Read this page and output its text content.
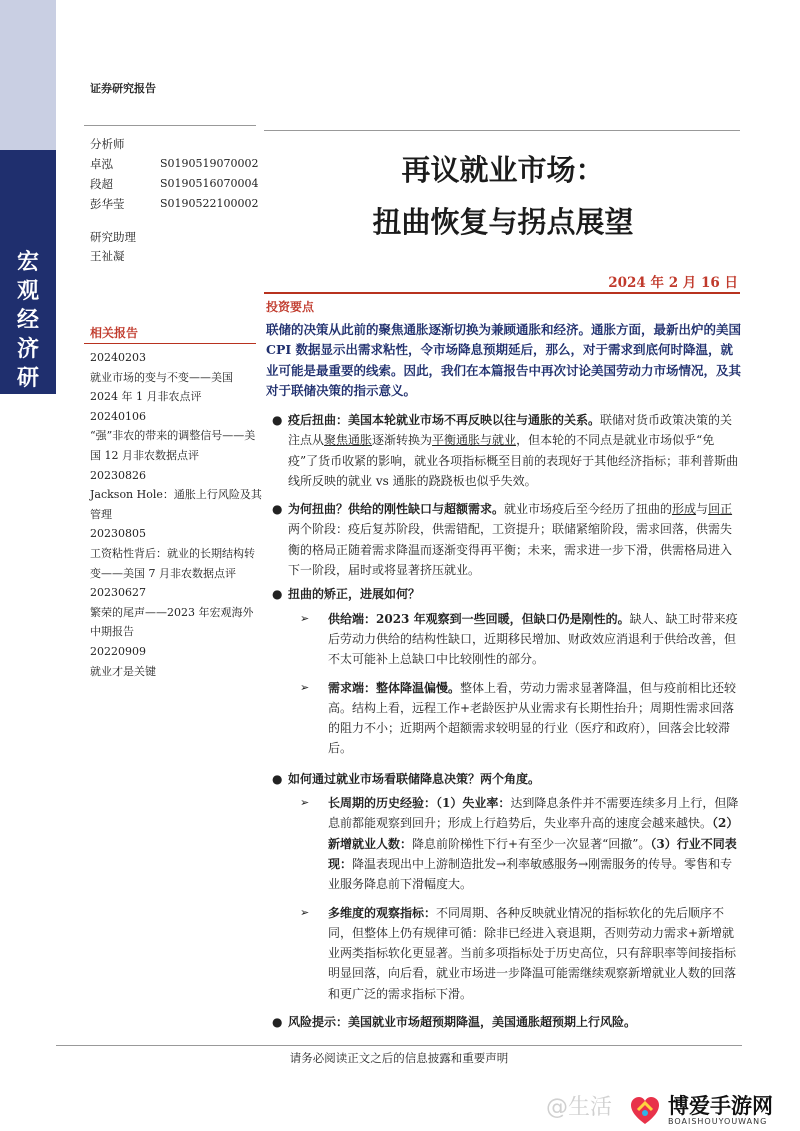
宏
观
经
济
研
究
证券研究报告
分析师
卓泓	S0190519070002
段超	S0190516070004
彭华莹	S0190522100002
研究助理
王祉凝
再议就业市场：
扭曲恢复与拐点展望
2024 年 2 月 16 日
相关报告
20240203
就业市场的变与不变——美国 2024 年 1 月非农点评
20240106
“强”非农的带来的调整信号——美国 12 月非农数据点评
20230826
Jackson Hole：通胀上行风险及其管理
20230805
工资粘性背后：就业的长期结构转变——美国 7 月非农数据点评
20230627
繁荣的尾声——2023 年宏观海外中期报告
20220909
就业才是关键
投资要点
联储的决策从此前的聚焦通胀逐渐切换为兼顾通胀和经济。通胀方面，最新出炉的美国 CPI 数据显示出需求粘性，令市场降息预期延后，那么，对于需求到底何时降温，就业可能是最重要的线索。因此，我们在本篇报告中再次讨论美国劳动力市场情况，及其对于联储决策的指示意义。
● 疫后扭曲：美国本轮就业市场不再反映以往与通胀的关系。联储对货币政策决策的关注点从聚焦通胀逐渐转换为平衡通胀与就业，但本轮的不同点是就业市场似乎“免疫”了货币收紧的影响，就业各项指标概至目前的表现好于其他经济指标；菲利普斯曲线所反映的就业 vs 通胀的跷跷板也似乎失效。
● 为何扭曲？供给的刚性缺口与超额需求。就业市场疫后至今经历了扭曲的形成与回正两个阶段：疫后复苏阶段，供需错配，工资提升；联储紧缩阶段，需求回落，供需失衡的格局正随着需求降温而逐渐变得再平衡；未来，需求进一步下滑，供需格局进入下一阶段，届时或将显著挤压就业。
● 扭曲的矫正，进展如何？
➢ 供给端：2023 年观察到一些回暖，但缺口仍是刚性的。缺人、缺工时带来疫后劳动力供给的结构性缺口，近期移民增加、财政效应消退利于供给改善，但不太可能补上总缺口中比较刚性的部分。
➢ 需求端：整体降温偏慢。整体上看，劳动力需求显著降温，但与疫前相比还较高。结构上看，远程工作+老龄医护从业需求有长期性抬升；周期性需求回落的阻力不小；近期两个超额需求较明显的行业（医疗和政府），回落会比较滞后。
● 如何通过就业市场看联储降息决策？两个角度。
➢ 长周期的历史经验：（1）失业率：达到降息条件并不需要连续多月上行，但降息前都能观察到回升；形成上行趋势后，失业率升高的速度会越来越快。（2）新增就业人数：降息前阶梯性下行+有至少一次显著“回撤”。（3）行业不同表现：降温表现出中上游制造批发→利率敏感服务→刚需服务的传导。零售和专业服务降息前下滑幅度大。
➢ 多维度的观察指标：不同周期、各种反映就业情况的指标软化的先后顺序不同，但整体上仍有规律可循：除非已经进入衰退期，否则劳动力需求+新增就业两类指标软化更显著。当前多项指标处于历史高位，只有辞职率等间接指标明显回落，向后看，就业市场进一步降温可能需继续观察新增就业人数的回落和更广泛的需求指标下滑。
● 风险提示：美国就业市场超预期降温，美国通胀超预期上行风险。
请务必阅读正文之后的信息披露和重要声明
@生活	博爱手游网
BOAISHOUYOUWANG
